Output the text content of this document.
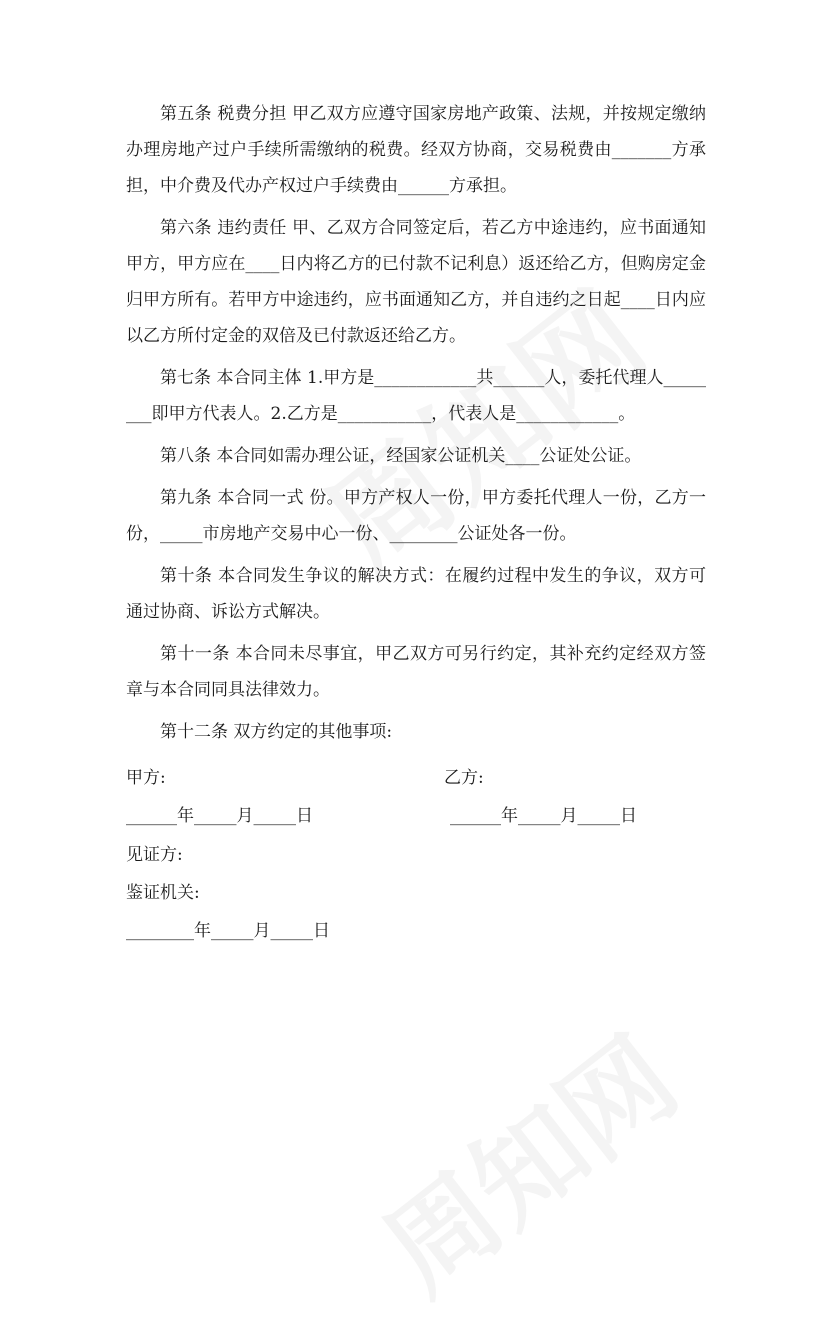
第五条 税费分担 甲乙双方应遵守国家房地产政策、法规，并按规定缴纳办理房地产过户手续所需缴纳的税费。经双方协商，交易税费由_______方承担，中介费及代办产权过户手续费由______方承担。

第六条 违约责任 甲、乙双方合同签定后，若乙方中途违约，应书面通知甲方，甲方应在____日内将乙方的已付款不记利息）返还给乙方，但购房定金归甲方所有。若甲方中途违约，应书面通知乙方，并自违约之日起____日内应以乙方所付定金的双倍及已付款返还给乙方。

第七条 本合同主体 1.甲方是____________共______人，委托代理人________即甲方代表人。2.乙方是___________，代表人是____________。

第八条 本合同如需办理公证，经国家公证机关____公证处公证。

第九条 本合同一式 份。甲方产权人一份，甲方委托代理人一份，乙方一份，_____市房地产交易中心一份、________公证处各一份。

第十条 本合同发生争议的解决方式：在履约过程中发生的争议，双方可通过协商、诉讼方式解决。

第十一条 本合同未尽事宜，甲乙双方可另行约定，其补充约定经双方签章与本合同同具法律效力。

第十二条 双方约定的其他事项:

甲方:	乙方:
______年_____月_____日	______年_____月_____日
见证方:
鉴证机关:
________年_____月_____日
